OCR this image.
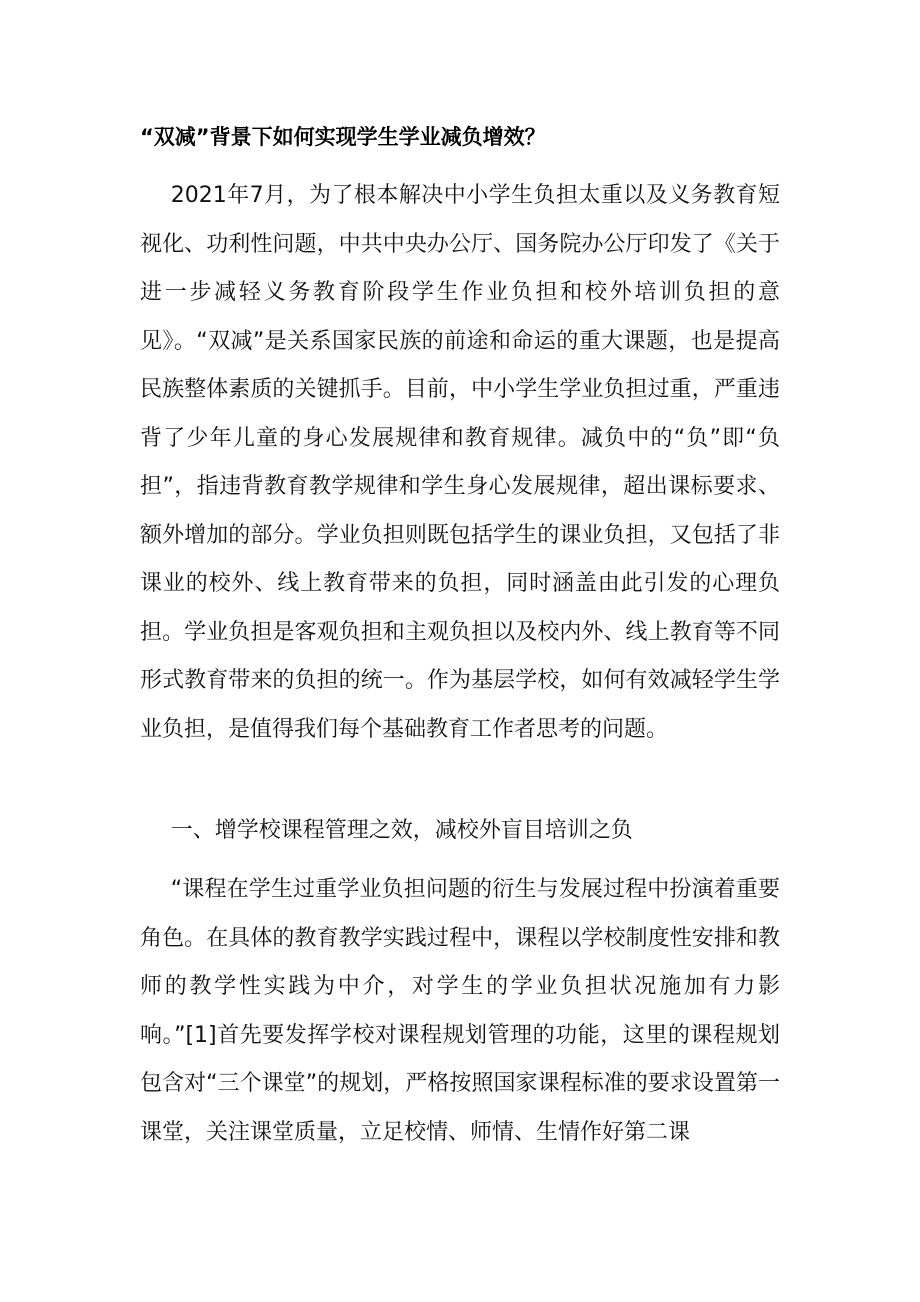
“双减”背景下如何实现学生学业减负增效？

2021年7月，为了根本解决中小学生负担太重以及义务教育短视化、功利性问题，中共中央办公厅、国务院办公厅印发了《关于进一步减轻义务教育阶段学生作业负担和校外培训负担的意见》。“双减”是关系国家民族的前途和命运的重大课题，也是提高民族整体素质的关键抓手。目前，中小学生学业负担过重，严重违背了少年儿童的身心发展规律和教育规律。减负中的“负”即“负担”，指违背教育教学规律和学生身心发展规律，超出课标要求、额外增加的部分。学业负担则既包括学生的课业负担，又包括了非课业的校外、线上教育带来的负担，同时涵盖由此引发的心理负担。学业负担是客观负担和主观负担以及校内外、线上教育等不同形式教育带来的负担的统一。作为基层学校，如何有效减轻学生学业负担，是值得我们每个基础教育工作者思考的问题。

一、增学校课程管理之效，减校外盲目培训之负

“课程在学生过重学业负担问题的衍生与发展过程中扮演着重要角色。在具体的教育教学实践过程中，课程以学校制度性安排和教师的教学性实践为中介，对学生的学业负担状况施加有力影响。”[1]首先要发挥学校对课程规划管理的功能，这里的课程规划包含对“三个课堂”的规划，严格按照国家课程标准的要求设置第一课堂，关注课堂质量，立足校情、师情、生情作好第二课
